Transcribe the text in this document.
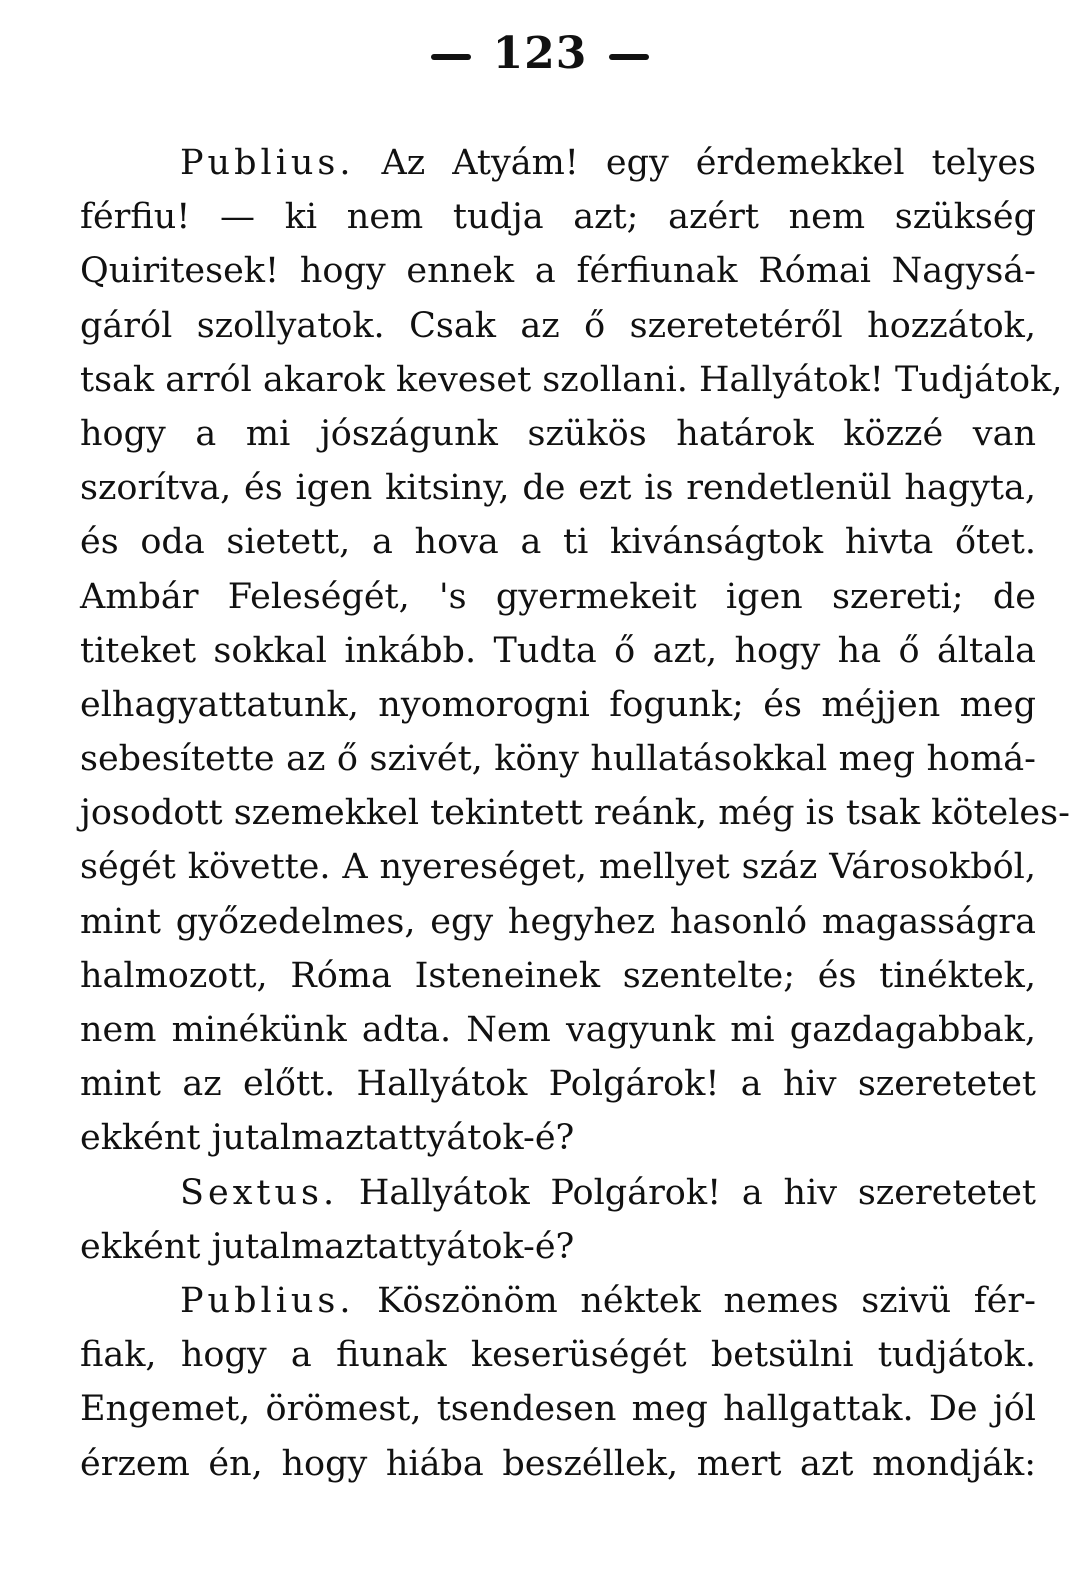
123
Publius. Az Atyám! egy érdemekkel telyes
férfiu! — ki nem tudja azt; azért nem szükség
Quiritesek! hogy ennek a férfiunak Római Nagysá-
gáról szollyatok. Csak az ő szeretetéről hozzátok,
tsak arról akarok keveset szollani. Hallyátok! Tudjátok,
hogy a mi jószágunk szükös határok közzé van
szorítva, és igen kitsiny, de ezt is rendetlenül hagyta,
és oda sietett, a hova a ti kivánságtok hivta őtet.
Ambár Feleségét, 's gyermekeit igen szereti; de
titeket sokkal inkább. Tudta ő azt, hogy ha ő általa
elhagyattatunk, nyomorogni fogunk; és méjjen meg
sebesítette az ő szivét, köny hullatásokkal meg homá-
josodott szemekkel tekintett reánk, még is tsak köteles-
ségét követte. A nyereséget, mellyet száz Városokból,
mint győzedelmes, egy hegyhez hasonló magasságra
halmozott, Róma Isteneinek szentelte; és tinéktek,
nem minékünk adta. Nem vagyunk mi gazdagabbak,
mint az előtt. Hallyátok Polgárok! a hiv szeretetet
ekként jutalmaztattyátok-é?
Sextus. Hallyátok Polgárok! a hiv szeretetet
ekként jutalmaztattyátok-é?
Publius. Köszönöm néktek nemes szivü fér-
fiak, hogy a fiunak keserüségét betsülni tudjátok.
Engemet, örömest, tsendesen meg hallgattak. De jól
érzem én, hogy hiába beszéllek, mert azt mondják:
